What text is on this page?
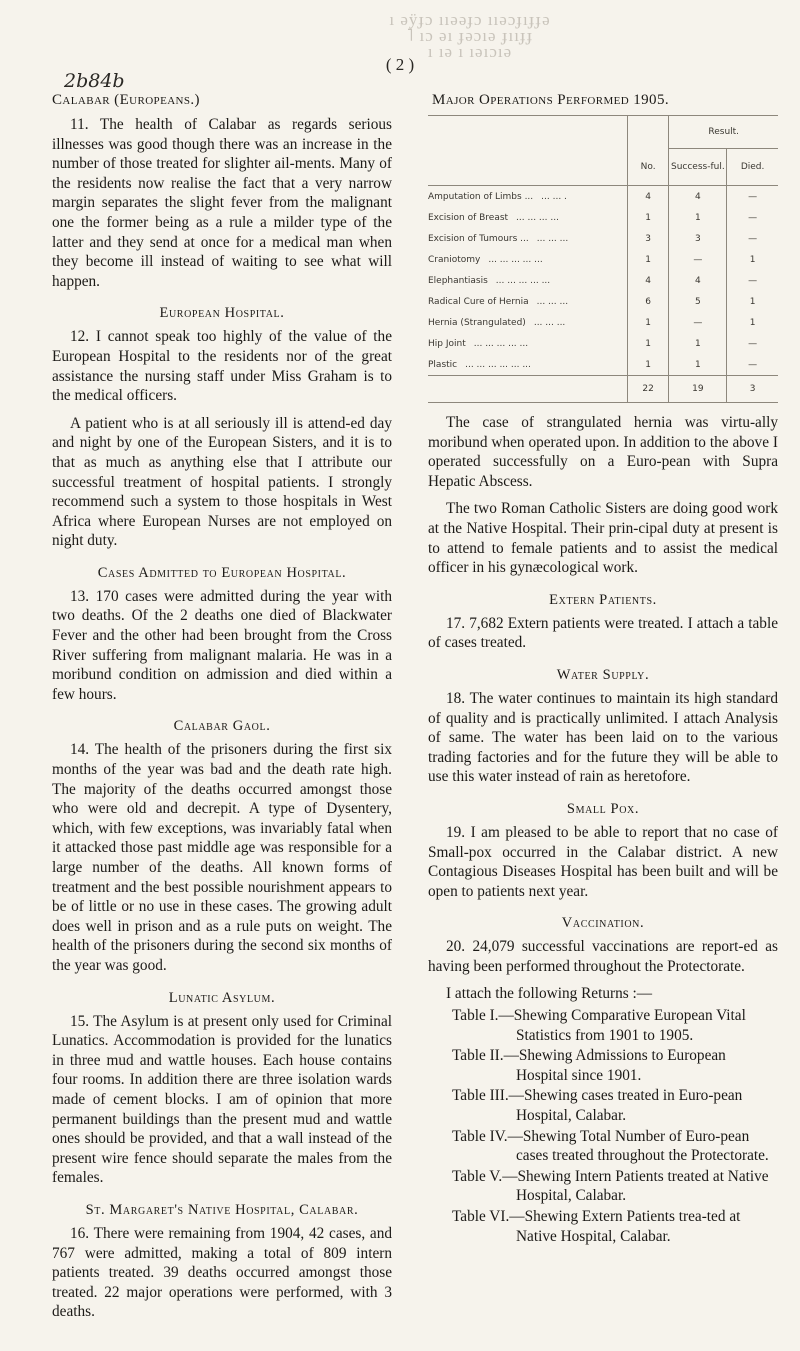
ı ǝÿɟɔ ııǝǝɟɔ ııǝɔɟıɟɟǝ
˥ ıɔ ǝı ɟǝɔıǝ ɟııɟɟ
ı ıǝ ı ıǝıɔıǝ
( 2 )
2b84b
Calabar (Europeans.)

11. The health of Calabar as regards serious illnesses was good though there was an increase in the number of those treated for slighter ail-ments. Many of the residents now realise the fact that a very narrow margin separates the slight fever from the malignant one the former being as a rule a milder type of the latter and they send at once for a medical man when they become ill instead of waiting to see what will happen.

European Hospital.

12. I cannot speak too highly of the value of the European Hospital to the residents nor of the great assistance the nursing staff under Miss Graham is to the medical officers.

A patient who is at all seriously ill is attend-ed day and night by one of the European Sisters, and it is to that as much as anything else that I attribute our successful treatment of hospital patients. I strongly recommend such a system to those hospitals in West Africa where European Nurses are not employed on night duty.

Cases Admitted to European Hospital.

13. 170 cases were admitted during the year with two deaths. Of the 2 deaths one died of Blackwater Fever and the other had been brought from the Cross River suffering from malignant malaria. He was in a moribund condition on admission and died within a few hours.

Calabar Gaol.

14. The health of the prisoners during the first six months of the year was bad and the death rate high. The majority of the deaths occurred amongst those who were old and decrepit. A type of Dysentery, which, with few exceptions, was invariably fatal when it attacked those past middle age was responsible for a large number of the deaths. All known forms of treatment and the best possible nourishment appears to be of little or no use in these cases. The growing adult does well in prison and as a rule puts on weight. The health of the prisoners during the second six months of the year was good.

Lunatic Asylum.

15. The Asylum is at present only used for Criminal Lunatics. Accommodation is provided for the lunatics in three mud and wattle houses. Each house contains four rooms. In addition there are three isolation wards made of cement blocks. I am of opinion that more permanent buildings than the present mud and wattle ones should be provided, and that a wall instead of the present wire fence should separate the males from the females.

St. Margaret's Native Hospital, Calabar.

16. There were remaining from 1904, 42 cases, and 767 were admitted, making a total of 809 intern patients treated. 39 deaths occurred amongst those treated. 22 major operations were performed, with 3 deaths.

Major Operations Performed 1905.
		Result.	
	No.	Success-ful.	Died.
Amputation of Limbs ... ... ... .	4	4	—
Excision of Breast ... ... ... ...	1	1	—
Excision of Tumours ... ... ... ...	3	3	—
Craniotomy ... ... ... ... ...	1	—	1
Elephantiasis ... ... ... ... ...	4	4	—
Radical Cure of Hernia ... ... ...	6	5	1
Hernia (Strangulated) ... ... ...	1	—	1
Hip Joint ... ... ... ... ...	1	1	—
Plastic ... ... ... ... ... ...	1	1	—
	22	19	3

The case of strangulated hernia was virtu-ally moribund when operated upon. In addition to the above I operated successfully on a Euro-pean with Supra Hepatic Abscess.

The two Roman Catholic Sisters are doing good work at the Native Hospital. Their prin-cipal duty at present is to attend to female patients and to assist the medical officer in his gynæcological work.

Extern Patients.

17. 7,682 Extern patients were treated. I attach a table of cases treated.

Water Supply.

18. The water continues to maintain its high standard of quality and is practically unlimited. I attach Analysis of same. The water has been laid on to the various trading factories and for the future they will be able to use this water instead of rain as heretofore.

Small Pox.

19. I am pleased to be able to report that no case of Small-pox occurred in the Calabar district. A new Contagious Diseases Hospital has been built and will be open to patients next year.

Vaccination.

20. 24,079 successful vaccinations are report-ed as having been performed throughout the Protectorate.

I attach the following Returns :—

Table I.—Shewing Comparative European Vital Statistics from 1901 to 1905.
Table II.—Shewing Admissions to European Hospital since 1901.
Table III.—Shewing cases treated in Euro-pean Hospital, Calabar.
Table IV.—Shewing Total Number of Euro-pean cases treated throughout the Protectorate.
Table V.—Shewing Intern Patients treated at Native Hospital, Calabar.
Table VI.—Shewing Extern Patients trea-ted at Native Hospital, Calabar.
